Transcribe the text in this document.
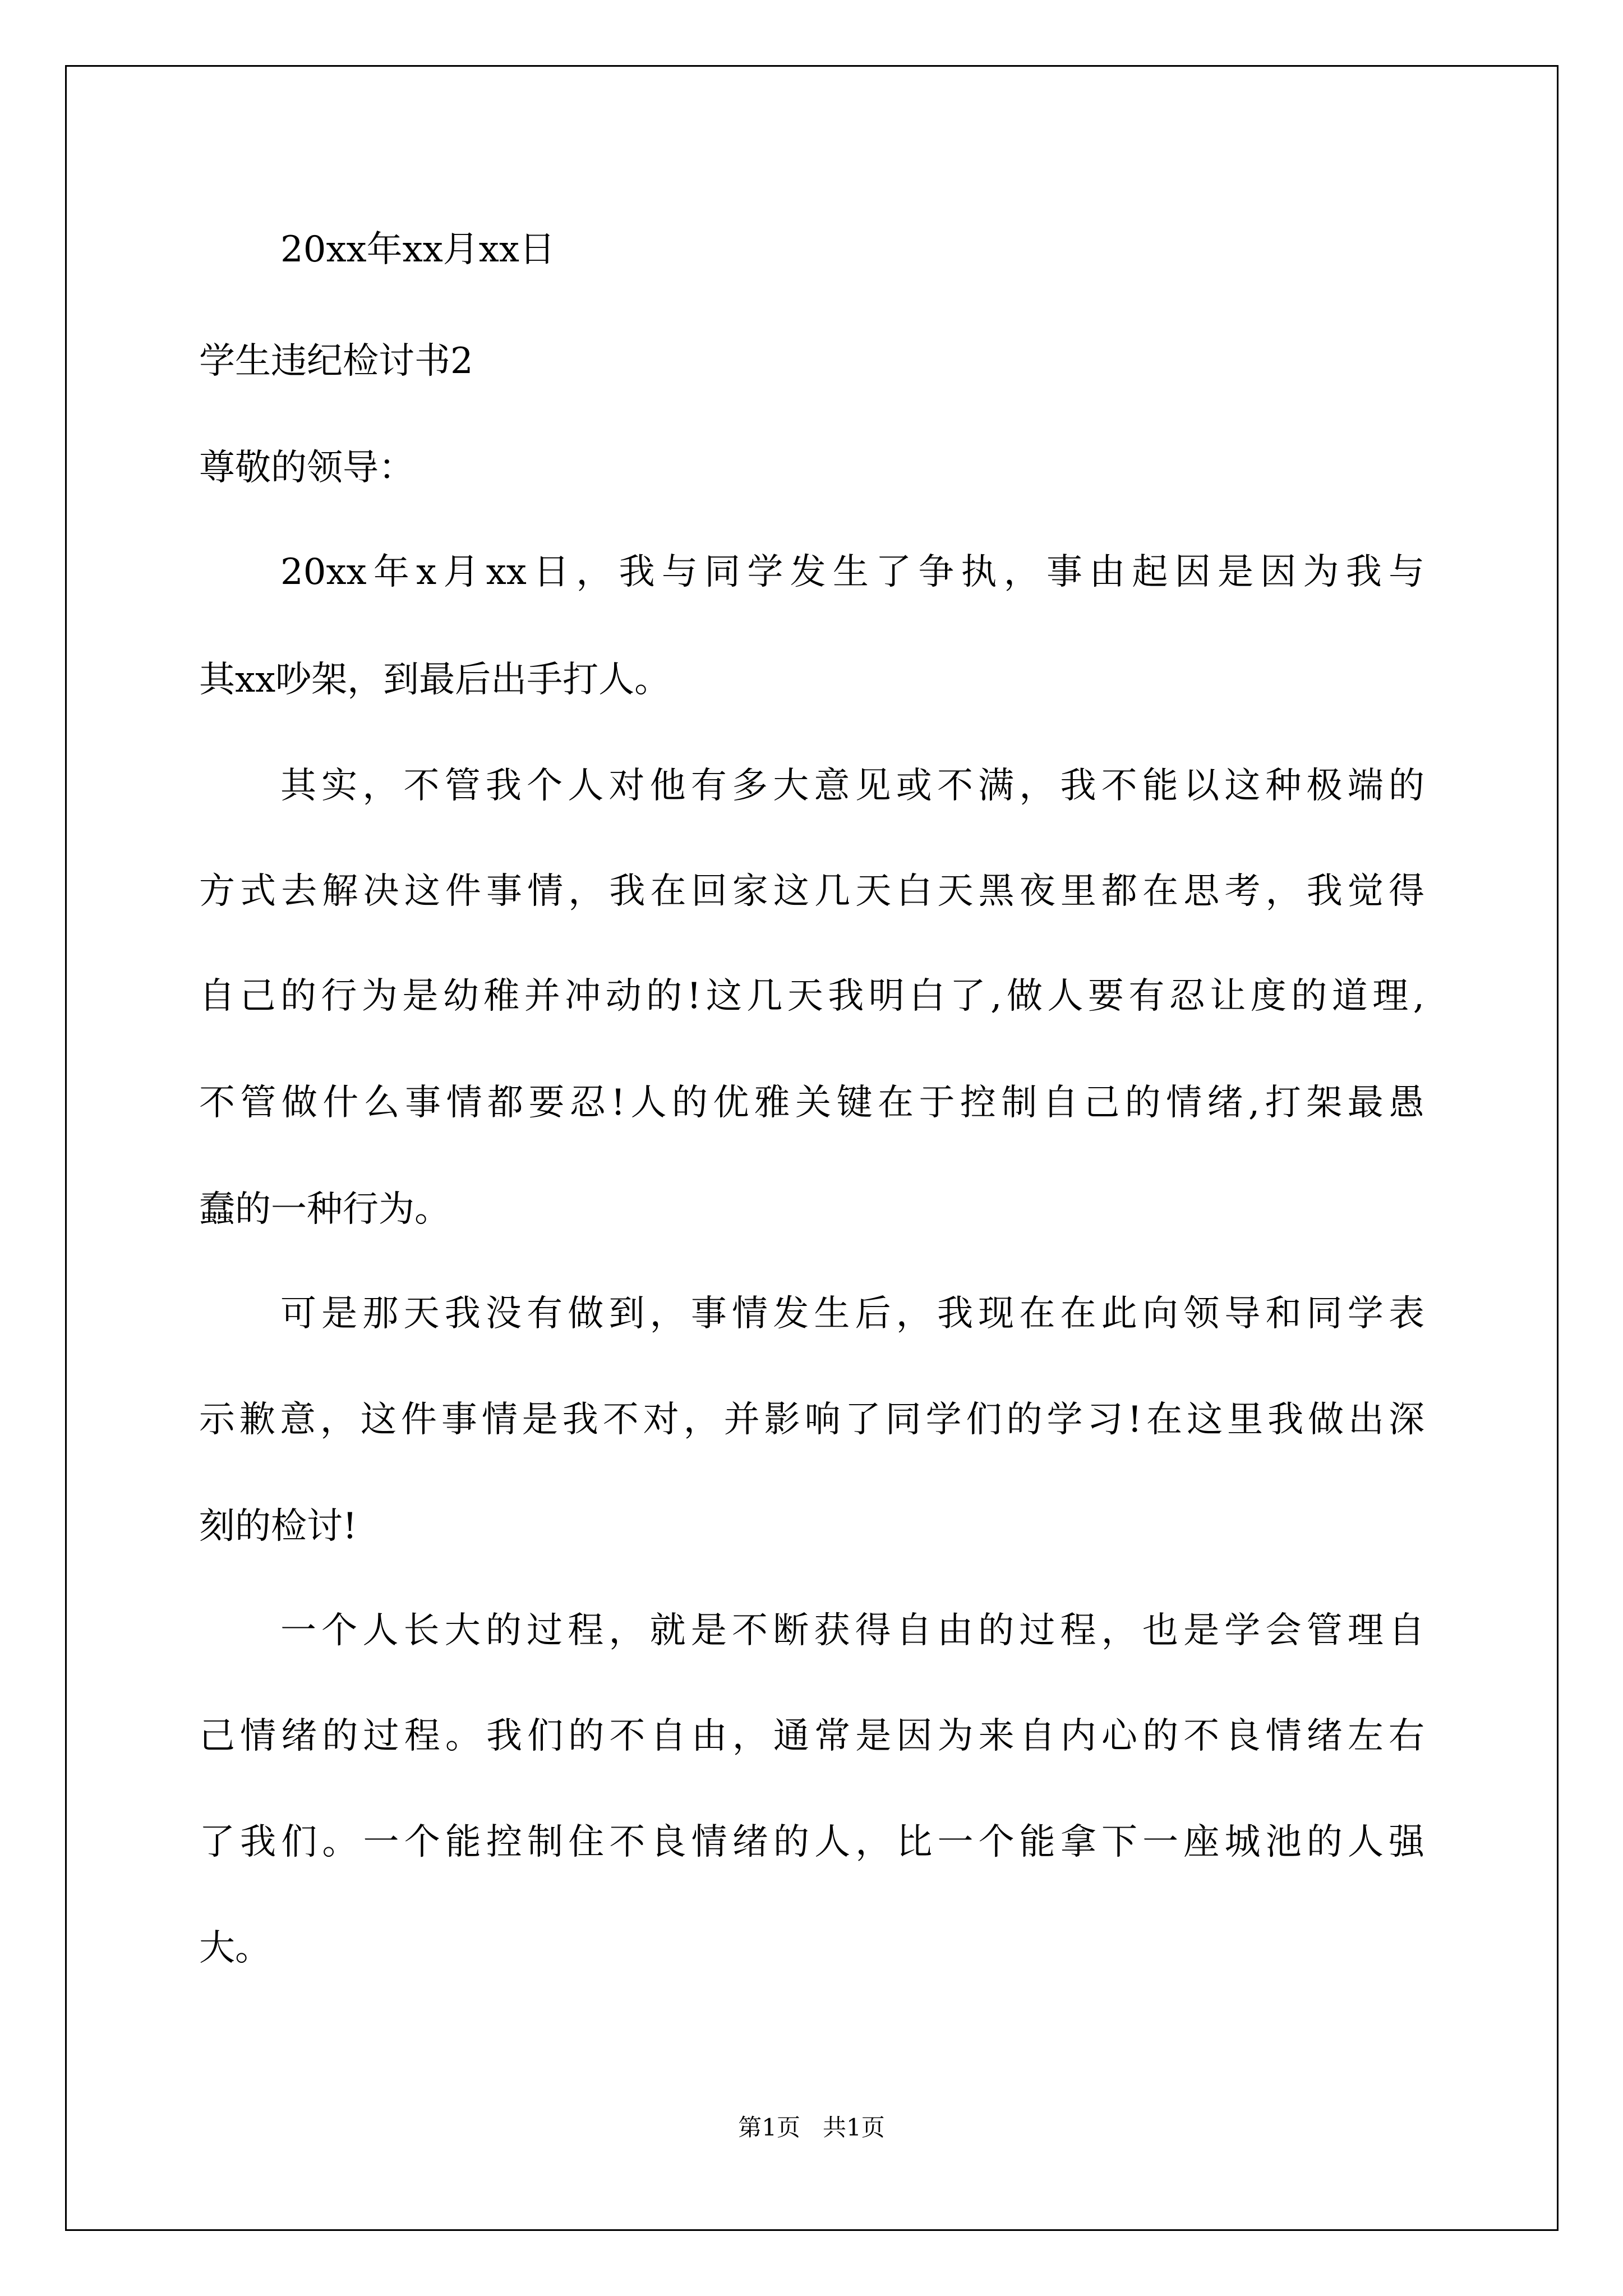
20xx年xx月xx日
学生违纪检讨书2
尊敬的领导：
20xx年x月xx日，我与同学发生了争执，事由起因是因为我与
其xx吵架，到最后出手打人。
其实，不管我个人对他有多大意见或不满，我不能以这种极端的
方式去解决这件事情，我在回家这几天白天黑夜里都在思考，我觉得
自己的行为是幼稚并冲动的!这几天我明白了,做人要有忍让度的道理,
不管做什么事情都要忍!人的优雅关键在于控制自己的情绪,打架最愚
蠢的一种行为。
可是那天我没有做到，事情发生后，我现在在此向领导和同学表
示歉意，这件事情是我不对，并影响了同学们的学习!在这里我做出深
刻的检讨!
一个人长大的过程，就是不断获得自由的过程，也是学会管理自
己情绪的过程。我们的不自由，通常是因为来自内心的不良情绪左右
了我们。一个能控制住不良情绪的人，比一个能拿下一座城池的人强
大。
第1页   共1页
